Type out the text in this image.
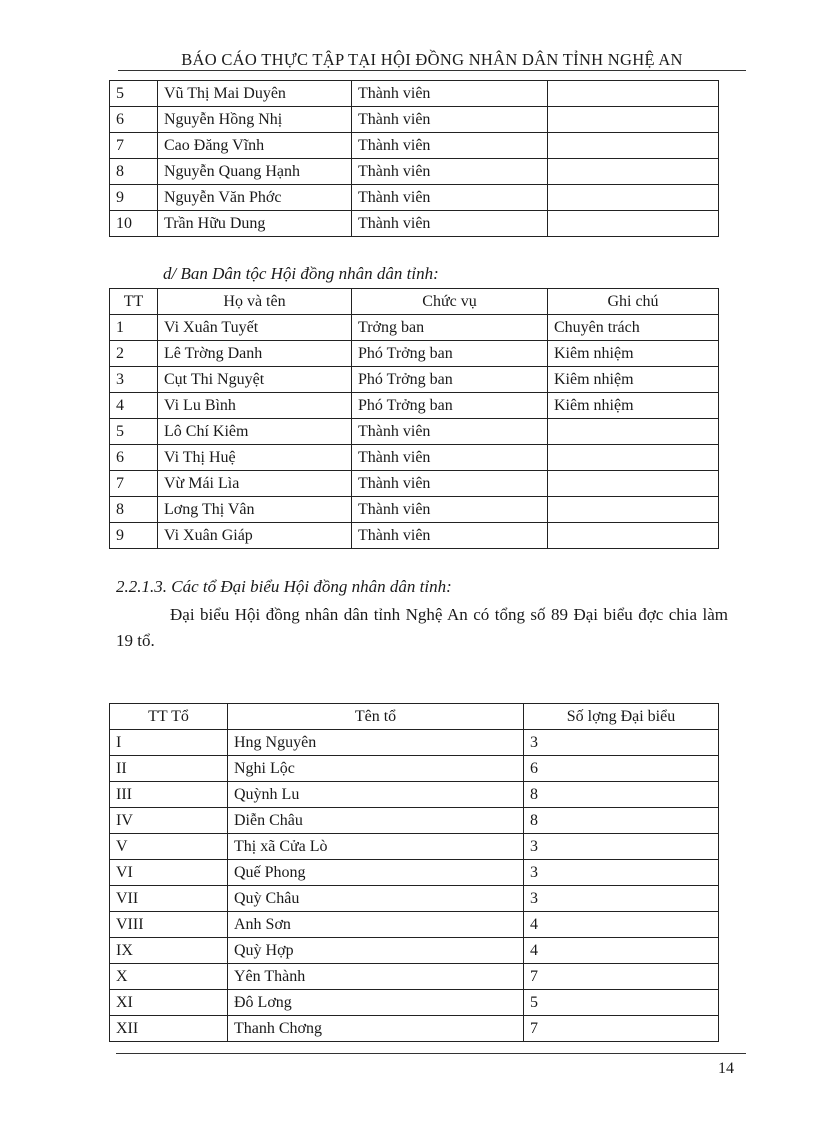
BÁO CÁO THỰC TẬP TẠI HỘI ĐỒNG NHÂN DÂN TỈNH NGHỆ AN
5	Vũ Thị Mai Duyên	Thành viên	
6	Nguyễn Hồng Nhị	Thành viên	
7	Cao Đăng Vĩnh	Thành viên	
8	Nguyễn Quang Hạnh	Thành viên	
9	Nguyễn Văn Phớc	Thành viên	
10	Trần Hữu Dung	Thành viên	
d/ Ban Dân tộc Hội đồng nhân dân tỉnh:
TT	Họ và tên	Chức vụ	Ghi chú
1	Vi Xuân Tuyết	Trởng ban	Chuyên trách
2	Lê Trờng Danh	Phó Trởng ban	Kiêm nhiệm
3	Cụt Thi Nguyệt	Phó Trởng ban	Kiêm nhiệm
4	Vi Lu Bình	Phó Trởng ban	Kiêm nhiệm
5	Lô Chí Kiêm	Thành viên	
6	Vi Thị Huệ	Thành viên	
7	Vừ Mái Lìa	Thành viên	
8	Lơng Thị Vân	Thành viên	
9	Vi Xuân Giáp	Thành viên	
2.2.1.3. Các tổ Đại biểu Hội đồng nhân dân tỉnh:
Đại biểu Hội đồng nhân dân tỉnh Nghệ An có tổng số 89 Đại biểu đợc chia làm 19 tổ.
TT Tổ	Tên tổ	Số lợng Đại biểu
I	Hng Nguyên	3
II	Nghi Lộc	6
III	Quỳnh Lu	8
IV	Diễn Châu	8
V	Thị xã Cửa Lò	3
VI	Quế Phong	3
VII	Quỳ Châu	3
VIII	Anh Sơn	4
IX	Quỳ Hợp	4
X	Yên Thành	7
XI	Đô Lơng	5
XII	Thanh Chơng	7
14
